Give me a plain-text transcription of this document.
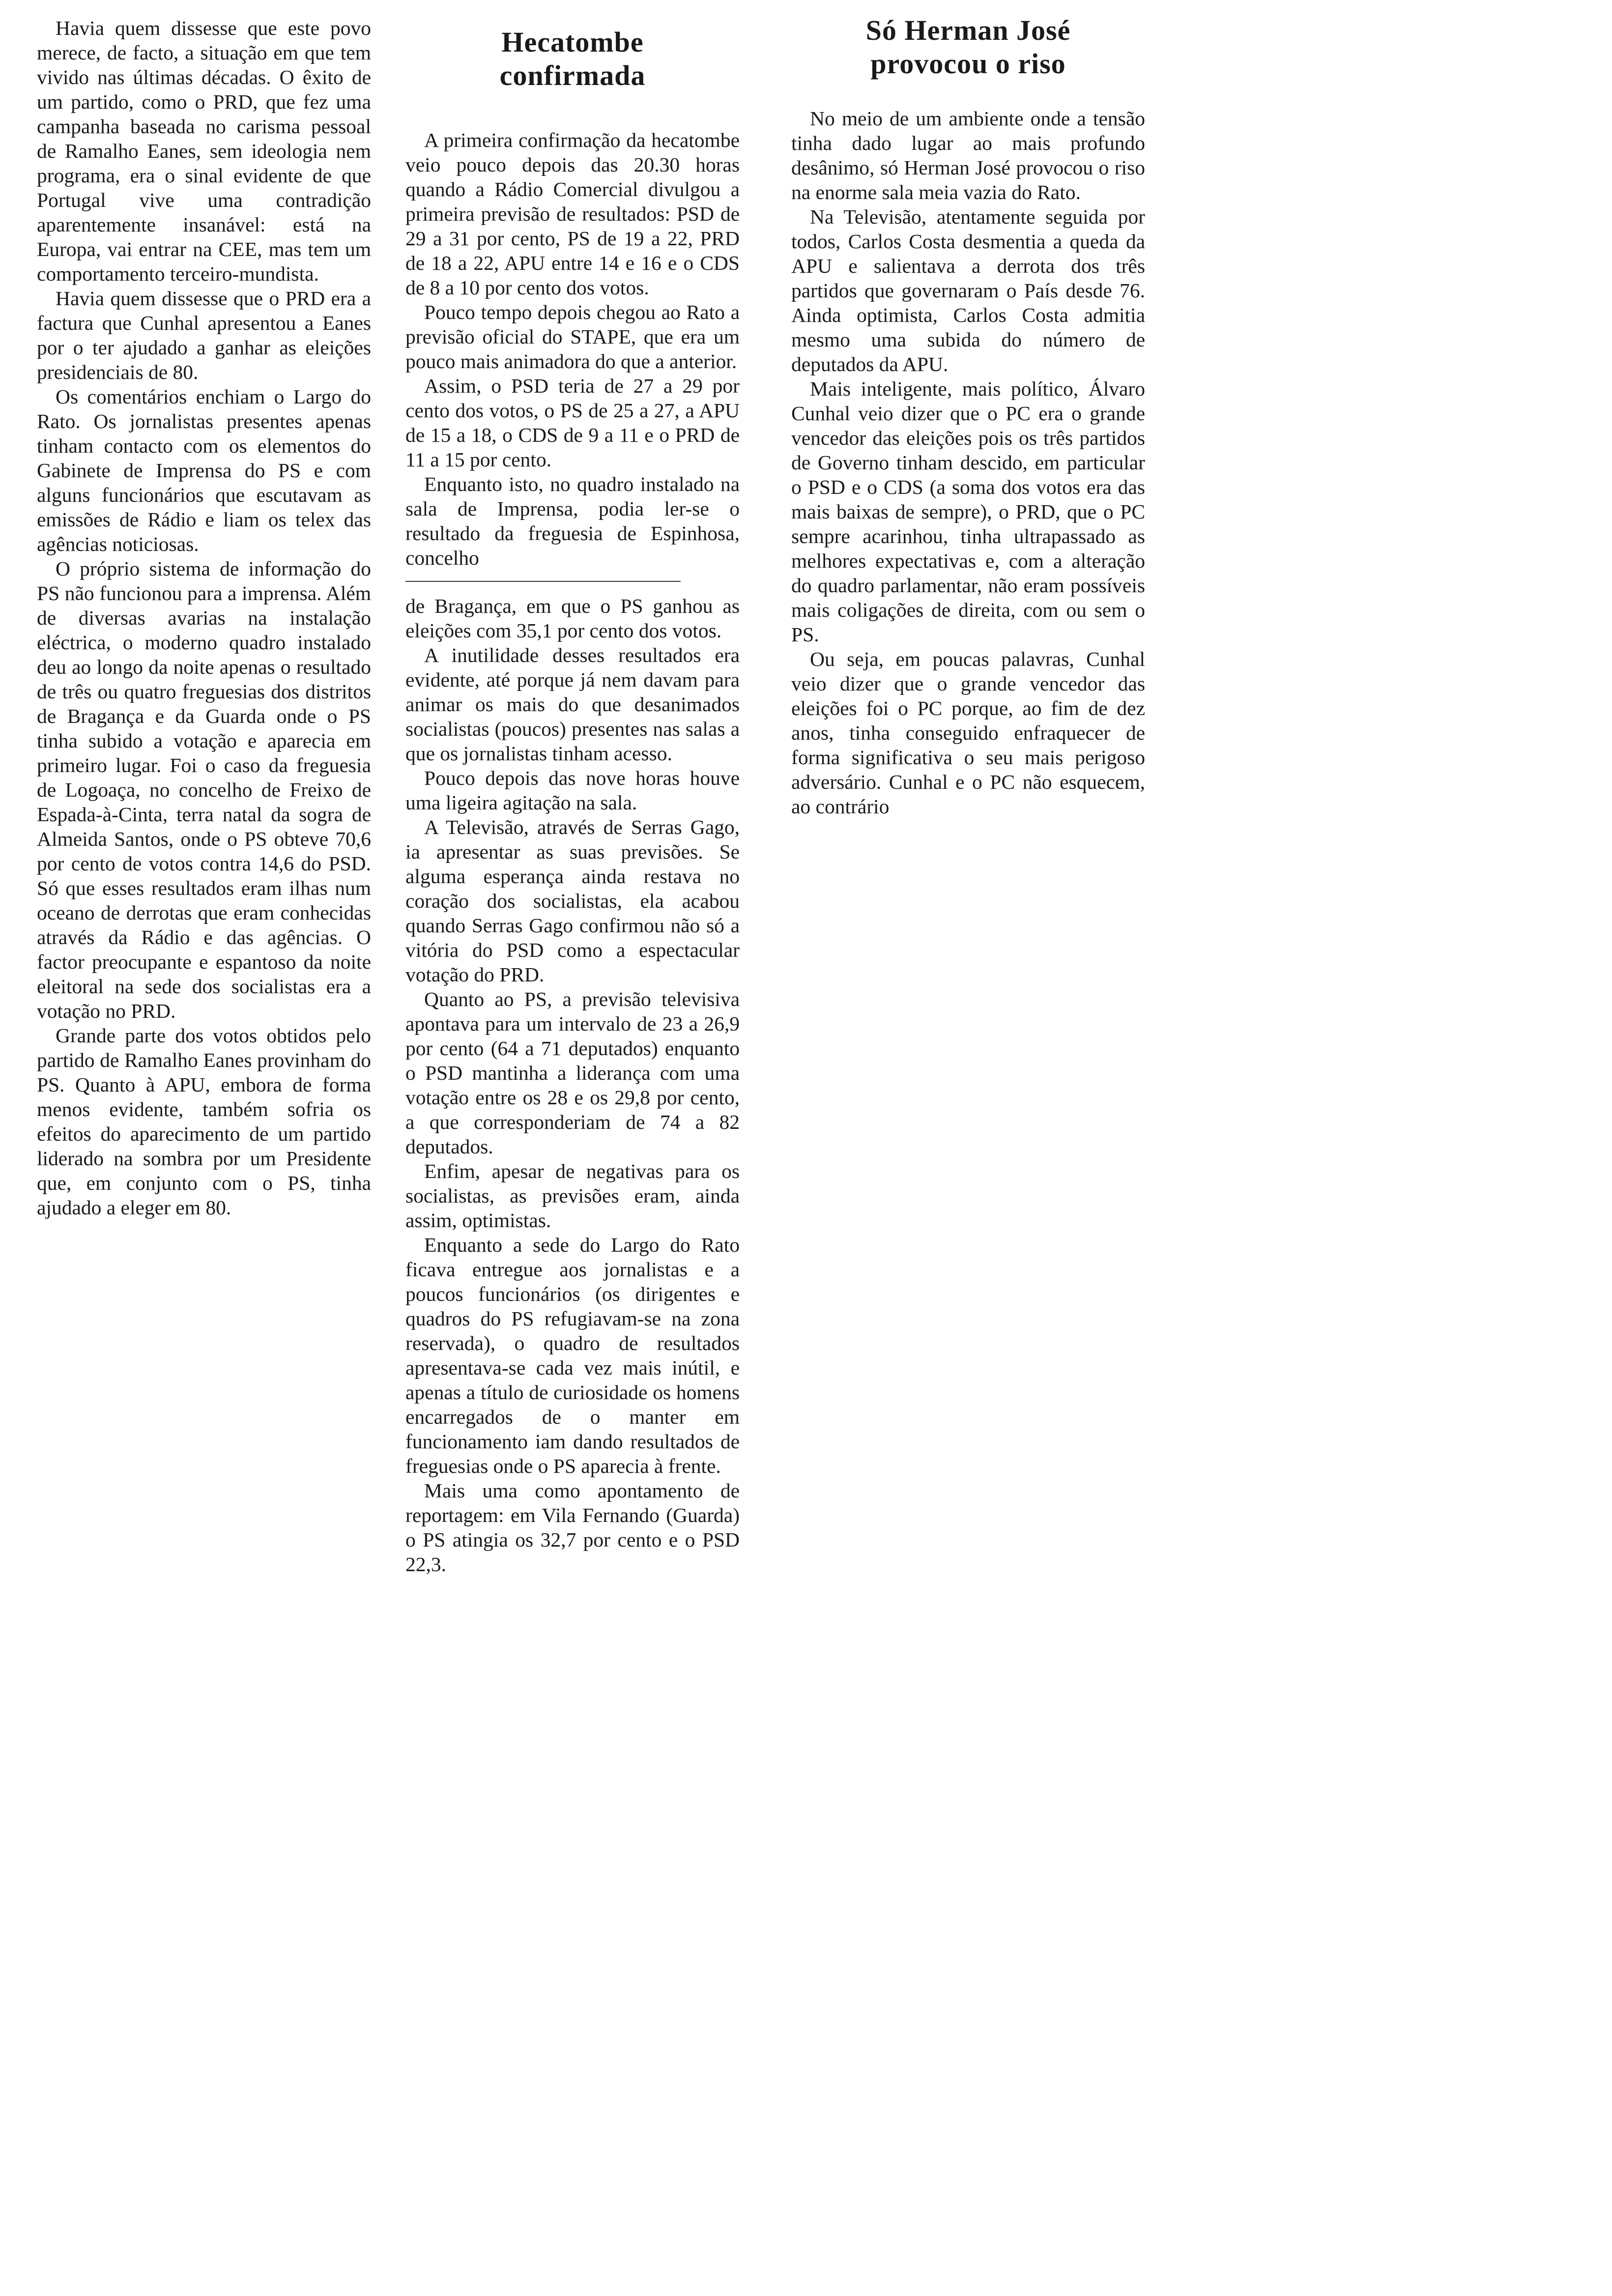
Havia quem dissesse que este povo merece, de facto, a situação em que tem vivido nas últimas décadas. O êxito de um partido, como o PRD, que fez uma campanha baseada no carisma pessoal de Ramalho Eanes, sem ideologia nem programa, era o sinal evidente de que Portugal vive uma contradição aparentemente insanável: está na Europa, vai entrar na CEE, mas tem um comportamento terceiro-mundista.

Havia quem dissesse que o PRD era a factura que Cunhal apresentou a Eanes por o ter ajudado a ganhar as eleições presidenciais de 80.

Os comentários enchiam o Largo do Rato. Os jornalistas presentes apenas tinham contacto com os elementos do Gabinete de Imprensa do PS e com alguns funcionários que escutavam as emissões de Rádio e liam os telex das agências noticiosas.

O próprio sistema de informação do PS não funcionou para a imprensa. Além de diversas avarias na instalação eléctrica, o moderno quadro instalado deu ao longo da noite apenas o resultado de três ou quatro freguesias dos distritos de Bragança e da Guarda onde o PS tinha subido a votação e aparecia em primeiro lugar. Foi o caso da freguesia de Logoaça, no concelho de Freixo de Espada-à-Cinta, terra natal da sogra de Almeida Santos, onde o PS obteve 70,6 por cento de votos contra 14,6 do PSD. Só que esses resultados eram ilhas num oceano de derrotas que eram conhecidas através da Rádio e das agências. O factor preocupante e espantoso da noite eleitoral na sede dos socialistas era a votação no PRD.

Grande parte dos votos obtidos pelo partido de Ramalho Eanes provinham do PS. Quanto à APU, embora de forma menos evidente, também sofria os efeitos do aparecimento de um partido liderado na sombra por um Presidente que, em conjunto com o PS, tinha ajudado a eleger em 80.

Hecatombe
confirmada

A primeira confirmação da hecatombe veio pouco depois das 20.30 horas quando a Rádio Comercial divulgou a primeira previsão de resultados: PSD de 29 a 31 por cento, PS de 19 a 22, PRD de 18 a 22, APU entre 14 e 16 e o CDS de 8 a 10 por cento dos votos.

Pouco tempo depois chegou ao Rato a previsão oficial do STAPE, que era um pouco mais animadora do que a anterior.

Assim, o PSD teria de 27 a 29 por cento dos votos, o PS de 25 a 27, a APU de 15 a 18, o CDS de 9 a 11 e o PRD de 11 a 15 por cento.

Enquanto isto, no quadro instalado na sala de Imprensa, podia ler-se o resultado da freguesia de Espinhosa, concelho

de Bragança, em que o PS ganhou as eleições com 35,1 por cento dos votos.

A inutilidade desses resultados era evidente, até porque já nem davam para animar os mais do que desanimados socialistas (poucos) presentes nas salas a que os jornalistas tinham acesso.

Pouco depois das nove horas houve uma ligeira agitação na sala.

A Televisão, através de Serras Gago, ia apresentar as suas previsões. Se alguma esperança ainda restava no coração dos socialistas, ela acabou quando Serras Gago confirmou não só a vitória do PSD como a espectacular votação do PRD.

Quanto ao PS, a previsão televisiva apontava para um intervalo de 23 a 26,9 por cento (64 a 71 deputados) enquanto o PSD mantinha a liderança com uma votação entre os 28 e os 29,8 por cento, a que corresponderiam de 74 a 82 deputados.

Enfim, apesar de negativas para os socialistas, as previsões eram, ainda assim, optimistas.

Enquanto a sede do Largo do Rato ficava entregue aos jornalistas e a poucos funcionários (os dirigentes e quadros do PS refugiavam-se na zona reservada), o quadro de resultados apresentava-se cada vez mais inútil, e apenas a título de curiosidade os homens encarregados de o manter em funcionamento iam dando resultados de freguesias onde o PS aparecia à frente.

Mais uma como apontamento de reportagem: em Vila Fernando (Guarda) o PS atingia os 32,7 por cento e o PSD 22,3.

Só Herman José
provocou o riso

No meio de um ambiente onde a tensão tinha dado lugar ao mais profundo desânimo, só Herman José provocou o riso na enorme sala meia vazia do Rato.

Na Televisão, atentamente seguida por todos, Carlos Costa desmentia a queda da APU e salientava a derrota dos três partidos que governaram o País desde 76. Ainda optimista, Carlos Costa admitia mesmo uma subida do número de deputados da APU.

Mais inteligente, mais político, Álvaro Cunhal veio dizer que o PC era o grande vencedor das eleições pois os três partidos de Governo tinham descido, em particular o PSD e o CDS (a soma dos votos era das mais baixas de sempre), o PRD, que o PC sempre acarinhou, tinha ultrapassado as melhores expectativas e, com a alteração do quadro parlamentar, não eram possíveis mais coligações de direita, com ou sem o PS.

Ou seja, em poucas palavras, Cunhal veio dizer que o grande vencedor das eleições foi o PC porque, ao fim de dez anos, tinha conseguido enfraquecer de forma significativa o seu mais perigoso adversário. Cunhal e o PC não esquecem, ao contrário
